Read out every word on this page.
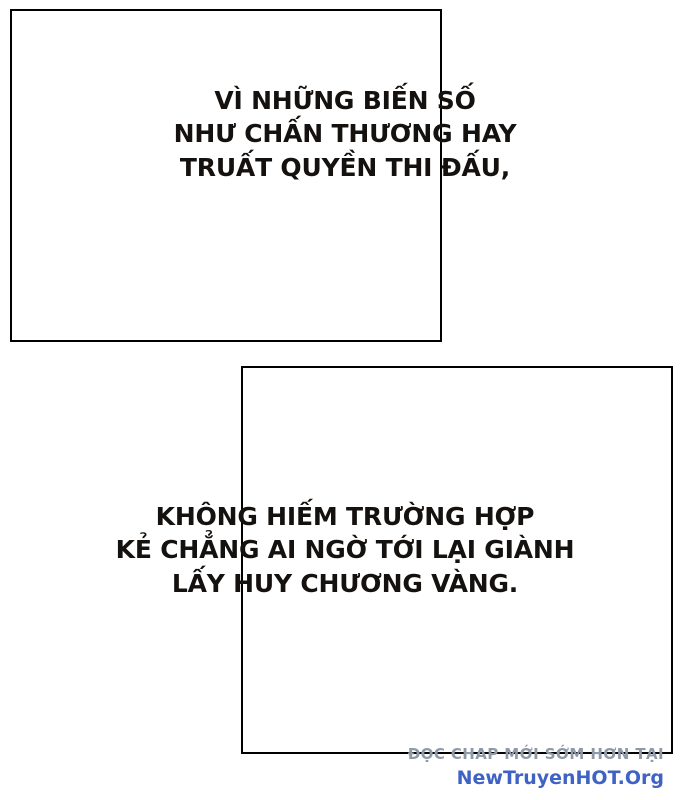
VÌ NHỮNG BIẾN SỐ
NHƯ CHẤN THƯƠNG HAY
TRUẤT QUYỀN THI ĐẤU,
KHÔNG HIẾM TRƯỜNG HỢP
KẺ CHẲNG AI NGỜ TỚI LẠI GIÀNH
LẤY HUY CHƯƠNG VÀNG.
ĐỌC CHAP MỚI SỚM HƠN TẠI
NewTruyenHOT.Org
